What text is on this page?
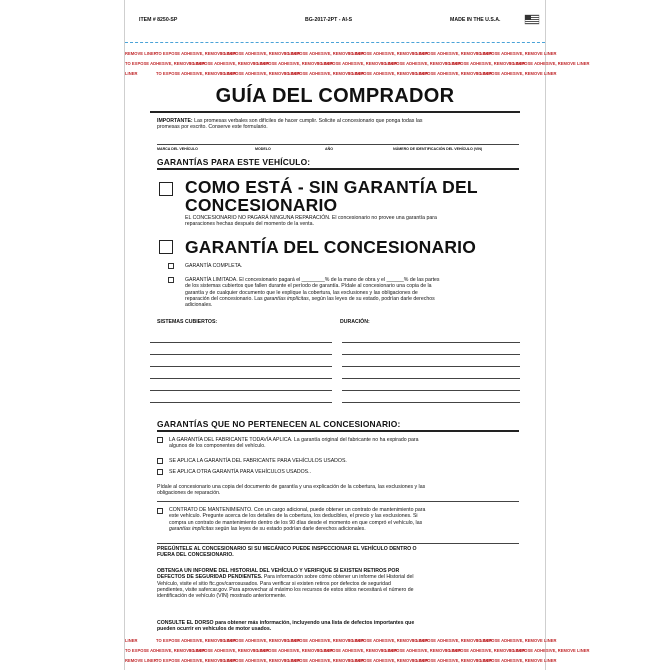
ITEM # 8250-SP	BG-2017-2PT - AI-S	MADE IN THE U.S.A.
REMOVE LINERTO EXPOSE ADHESIVE, REMOVE LINERTO EXPOSE ADHESIVE, REMOVE LINERTO EXPOSE ADHESIVE, REMOVE LINERTO EXPOSE ADHESIVE, REMOVE LINERTO EXPOSE ADHESIVE, REMOVE LINERTO EXPOSE ADHESIVE, REMOVE LINER
TO EXPOSE ADHESIVE, REMOVE LINERTO EXPOSE ADHESIVE, REMOVE LINERTO EXPOSE ADHESIVE, REMOVE LINERTO EXPOSE ADHESIVE, REMOVE LINERTO EXPOSE ADHESIVE, REMOVE LINERTO EXPOSE ADHESIVE, REMOVE LINERTO EXPOSE ADHESIVE, REMOVE LINER
LINER	TO EXPOSE ADHESIVE, REMOVE LINERTO EXPOSE ADHESIVE, REMOVE LINERTO EXPOSE ADHESIVE, REMOVE LINERTO EXPOSE ADHESIVE, REMOVE LINERTO EXPOSE ADHESIVE, REMOVE LINERTO EXPOSE ADHESIVE, REMOVE LINER
GUÍA DEL COMPRADOR
IMPORTANTE: Las promesas verbales son difíciles de hacer cumplir. Solicite al concesionario que ponga todas las
promesas por escrito. Conserve este formulario.
MARCA DEL VEHÍCULO	MODELO	AÑO	NÚMERO DE IDENTIFICACIÓN DEL VEHÍCULO (VIN)
GARANTÍAS PARA ESTE VEHÍCULO:
COMO ESTÁ - SIN GARANTÍA DEL
CONCESIONARIO
EL CONCESIONARIO NO PAGARÁ NINGUNA REPARACIÓN. El concesionario no provee una garantía para
reparaciones hechas después del momento de la venta.
GARANTÍA DEL CONCESIONARIO
GARANTÍA COMPLETA.
GARANTÍA LIMITADA. El concesionario pagará el ________% de la mano de obra y el ______% de las partes
de los sistemas cubiertos que fallen durante el período de garantía. Pídale al concesionario una copia de la
garantía y de cualquier documento que le explique la cobertura, las exclusiones y las obligaciones de
reparación del concesionario. Las garantías implícitas, según las leyes de su estado, podrían darle derechos
adicionales.
SISTEMAS CUBIERTOS:	DURACIÓN:
GARANTÍAS QUE NO PERTENECEN AL CONCESIONARIO:
LA GARANTÍA DEL FABRICANTE TODAVÍA APLICA. La garantía original del fabricante no ha expirado para
algunos de los componentes del vehículo.
SE APLICA LA GARANTÍA DEL FABRICANTE PARA VEHÍCULOS USADOS.
SE APLICA OTRA GARANTÍA PARA VEHÍCULOS USADOS..
Pídale al concesionario una copia del documento de garantía y una explicación de la cobertura, las exclusiones y las
obligaciones de reparación.
CONTRATO DE MANTENIMIENTO. Con un cargo adicional, puede obtener un contrato de mantenimiento para
este vehículo. Pregunte acerca de los detalles de la cobertura, los deducibles, el precio y las exclusiones. Si
compra un contrato de mantenimiento dentro de los 90 días desde el momento en que compró el vehículo, las
garantías implícitas según las leyes de su estado podrían darle derechos adicionales.
PREGÚNTELE AL CONCESIONARIO SI SU MECÁNICO PUEDE INSPECCIONAR EL VEHÍCULO DENTRO O
FUERA DEL CONCESIONARIO.
OBTENGA UN INFORME DEL HISTORIAL DEL VEHÍCULO Y VERIFIQUE SI EXISTEN RETIROS POR
DEFECTOS DE SEGURIDAD PENDIENTES. Para información sobre cómo obtener un informe del Historial del
Vehículo, visite el sitio ftc.gov/carrosusados. Para verificar si existen retiros por defectos de seguridad
pendientes, visite safercar.gov. Para aprovechar al máximo los recursos de estos sitios necesitará el número de
identificación de vehículo (VIN) mostrado anteriormente.
CONSULTE EL DORSO para obtener más información, incluyendo una lista de defectos importantes que
pueden ocurrir en vehículos de motor usados.
LINER	TO EXPOSE ADHESIVE, REMOVE LINERTO EXPOSE ADHESIVE, REMOVE LINERTO EXPOSE ADHESIVE, REMOVE LINERTO EXPOSE ADHESIVE, REMOVE LINERTO EXPOSE ADHESIVE, REMOVE LINERTO EXPOSE ADHESIVE, REMOVE LINER
TO EXPOSE ADHESIVE, REMOVE LINERTO EXPOSE ADHESIVE, REMOVE LINERTO EXPOSE ADHESIVE, REMOVE LINERTO EXPOSE ADHESIVE, REMOVE LINERTO EXPOSE ADHESIVE, REMOVE LINERTO EXPOSE ADHESIVE, REMOVE LINERTO EXPOSE ADHESIVE, REMOVE LINER
REMOVE LINERTO EXPOSE ADHESIVE, REMOVE LINERTO EXPOSE ADHESIVE, REMOVE LINERTO EXPOSE ADHESIVE, REMOVE LINERTO EXPOSE ADHESIVE, REMOVE LINERTO EXPOSE ADHESIVE, REMOVE LINERTO EXPOSE ADHESIVE, REMOVE LINER
